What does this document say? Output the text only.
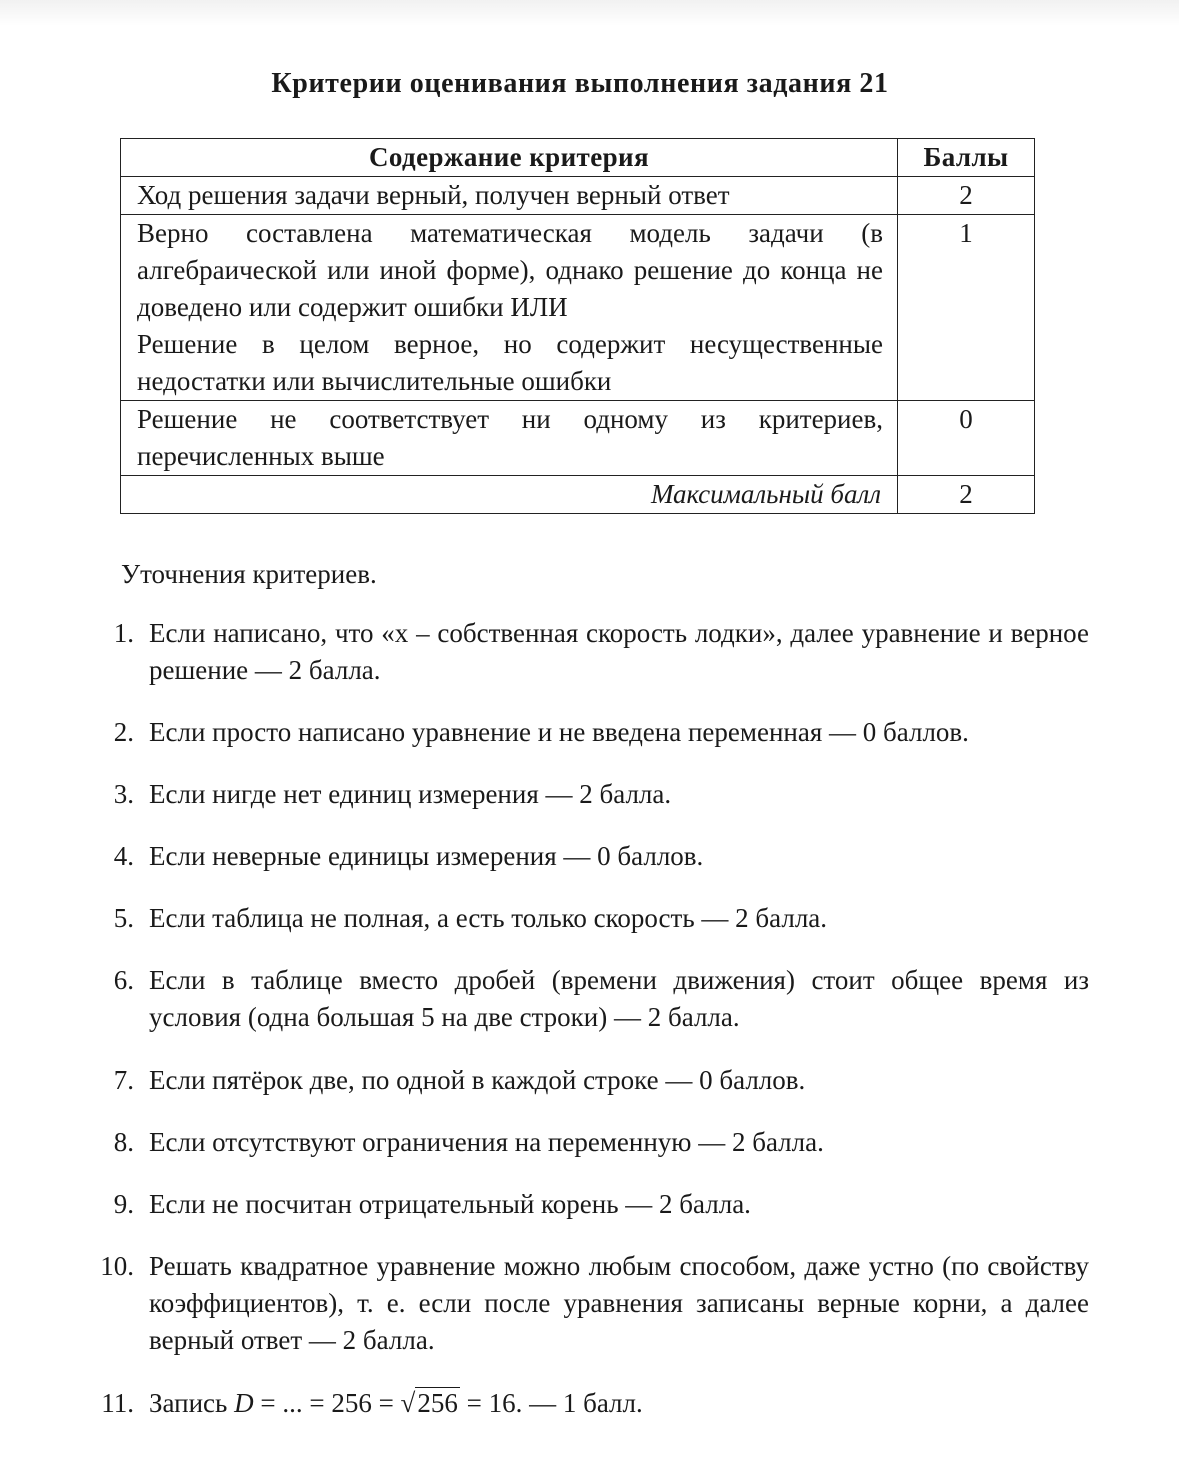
Критерии оценивания выполнения задания 21
Содержание критерия	Баллы
Ход решения задачи верный, получен верный ответ	2

Верно составлена математическая модель задачи (в алгебраической или иной форме), однако решение до конца не доведено или содержит ошибки ИЛИ
Решение в целом верное, но содержит несущественные недостатки или вычислительные ошибки	1
Решение не соответствует ни одному из критериев, перечисленных выше	0
Максимальный балл	2
Уточнения критериев.
1. Если написано, что «x – собственная скорость лодки», далее уравнение и верное решение — 2 балла.
2. Если просто написано уравнение и не введена переменная — 0 баллов.
3. Если нигде нет единиц измерения — 2 балла.
4. Если неверные единицы измерения — 0 баллов.
5. Если таблица не полная, а есть только скорость — 2 балла.
6. Если в таблице вместо дробей (времени движения) стоит общее время из условия (одна большая 5 на две строки) — 2 балла.
7. Если пятёрок две, по одной в каждой строке — 0 баллов.
8. Если отсутствуют ограничения на переменную — 2 балла.
9. Если не посчитан отрицательный корень — 2 балла.
10. Решать квадратное уравнение можно любым способом, даже устно (по свойству коэффициентов), т. е. если после уравнения записаны верные корни, а далее верный ответ — 2 балла.
11. Запись D = ... = 256 = √256 = 16. — 1 балл.
